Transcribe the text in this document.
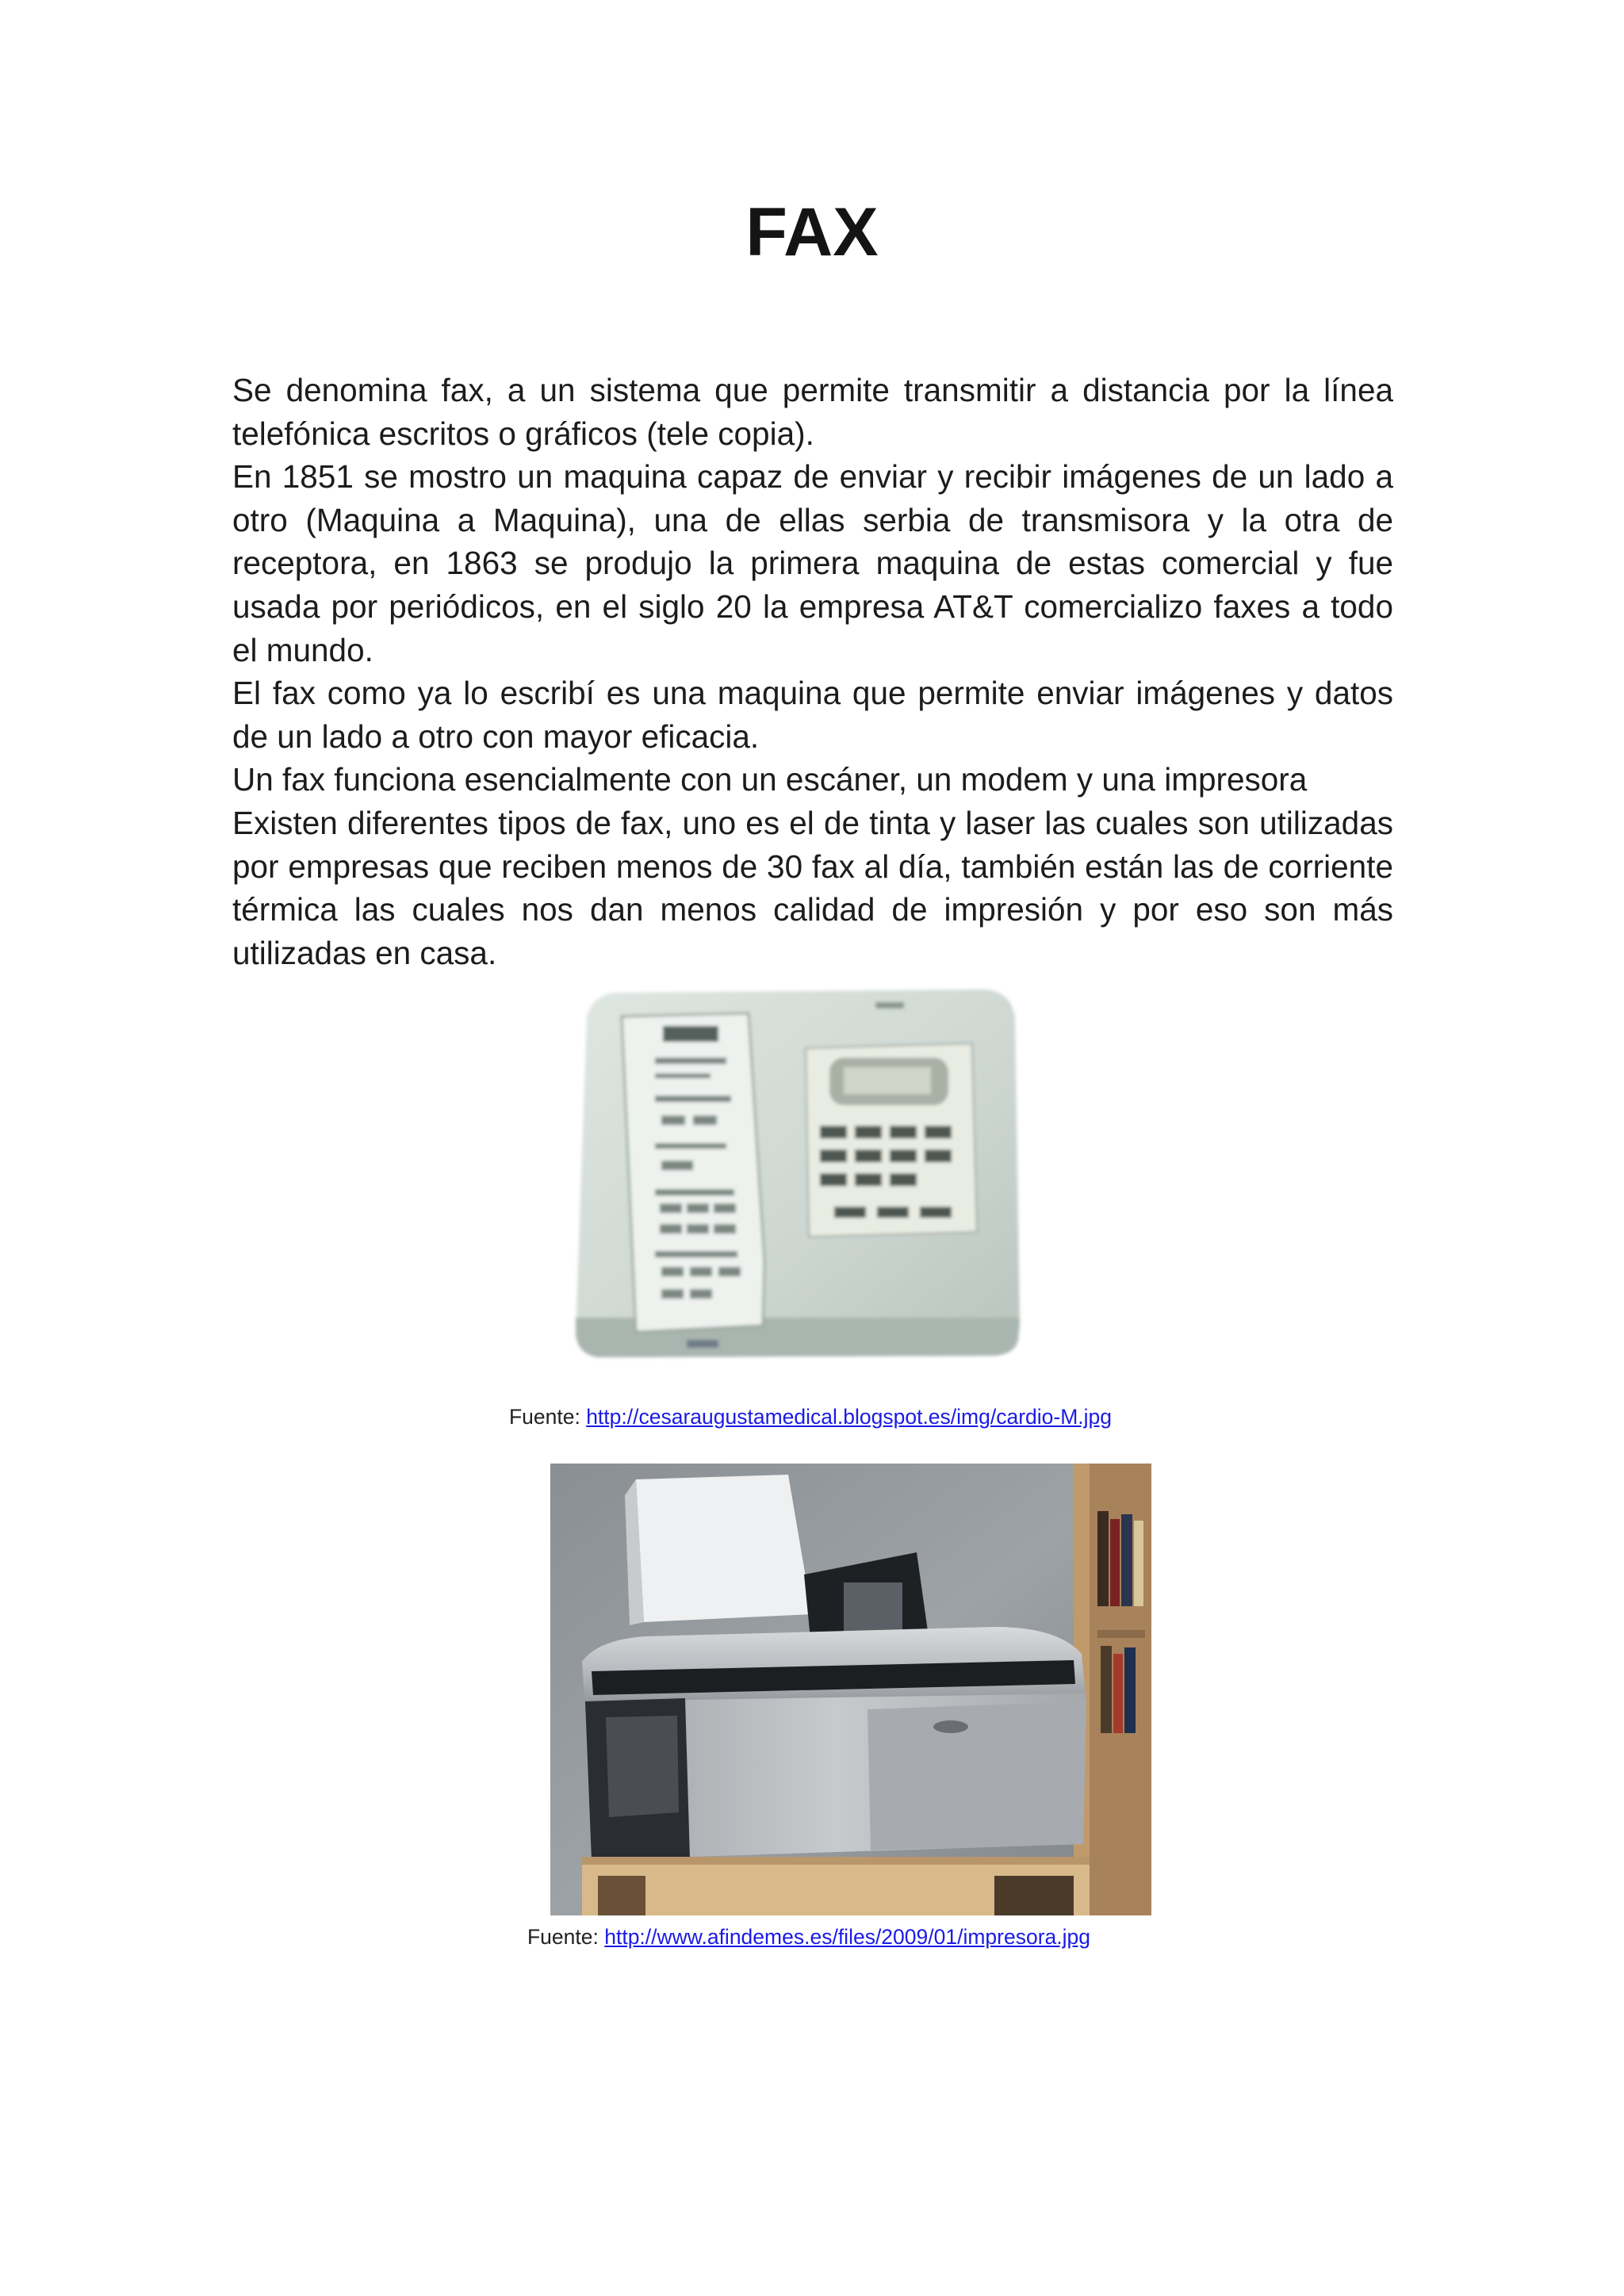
FAX

Se denomina fax, a un sistema que permite transmitir a distancia por la línea telefónica escritos o gráficos (tele copia).

En 1851 se mostro un maquina capaz de enviar y recibir imágenes de un lado a otro (Maquina a Maquina), una de ellas serbia de transmisora y la otra de receptora, en 1863 se produjo la primera maquina de estas comercial y fue usada por periódicos, en el siglo 20 la empresa AT&T comercializo faxes a todo el mundo.

El fax como ya lo escribí es una maquina que permite enviar imágenes y datos de un lado a otro con mayor eficacia.

Un fax funciona esencialmente con un escáner, un modem y una impresora

Existen diferentes tipos de fax, uno es el de tinta y laser las cuales son utilizadas por empresas que reciben menos de 30 fax al día, también están las de corriente térmica las cuales nos dan menos calidad de impresión y por eso son más utilizadas en casa.

Fuente: http://cesaraugustamedical.blogspot.es/img/cardio-M.jpg
Fuente: http://www.afindemes.es/files/2009/01/impresora.jpg
